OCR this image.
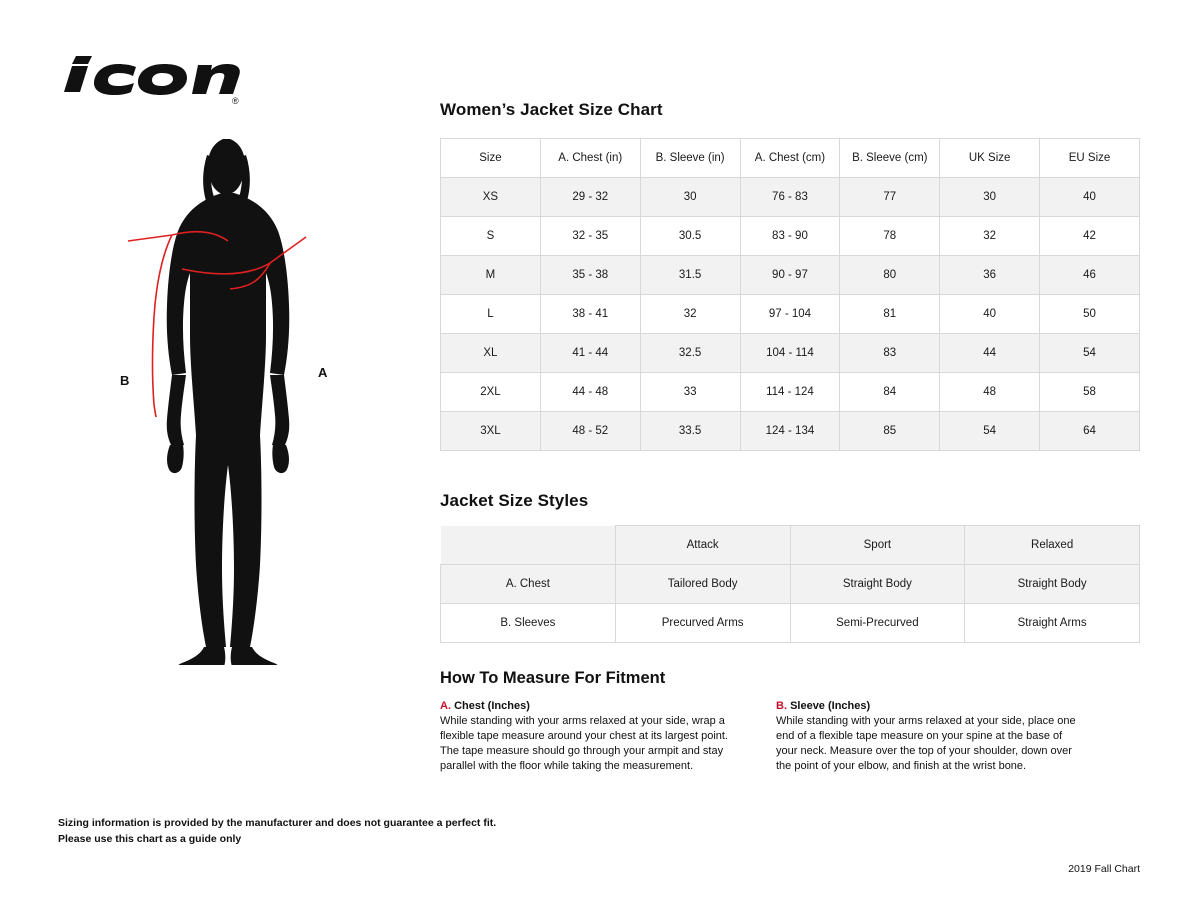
®
B
A
Women’s Jacket Size Chart
Size	A. Chest (in)	B. Sleeve (in)	A. Chest (cm)	B. Sleeve (cm)	UK Size	EU Size
XS	29 - 32	30	76 - 83	77	30	40
S	32 - 35	30.5	83 - 90	78	32	42
M	35 - 38	31.5	90 - 97	80	36	46
L	38 - 41	32	97 - 104	81	40	50
XL	41 - 44	32.5	104 - 114	83	44	54
2XL	44 - 48	33	114 - 124	84	48	58
3XL	48 - 52	33.5	124 - 134	85	54	64
Jacket Size Styles
	Attack	Sport	Relaxed
A. Chest	Tailored Body	Straight Body	Straight Body
B. Sleeves	Precurved Arms	Semi-Precurved	Straight Arms
How To Measure For Fitment
A. Chest (Inches)
While standing with your arms relaxed at your side, wrap a flexible tape measure around your chest at its largest point. The tape measure should go through your armpit and stay parallel with the floor while taking the measurement.
B. Sleeve (Inches)
While standing with your arms relaxed at your side, place one end of a flexible tape measure on your spine at the base of your neck. Measure over the top of your shoulder, down over the point of your elbow, and finish at the wrist bone.
Sizing information is provided by the manufacturer and does not guarantee a perfect fit.
Please use this chart as a guide only
2019 Fall Chart
